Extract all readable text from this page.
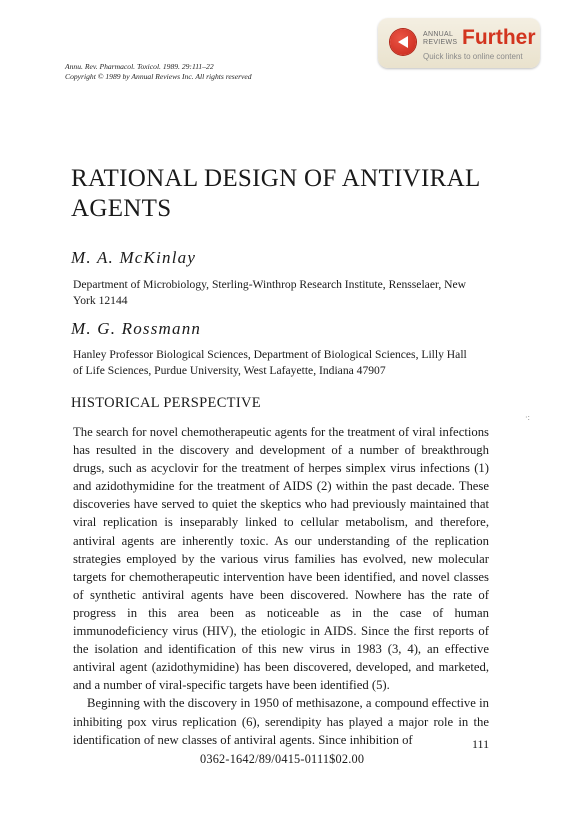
Annu. Rev. Pharmacol. Toxicol. 1989. 29:111–22
Copyright © 1989 by Annual Reviews Inc. All rights reserved
ANNUAL
REVIEWS Further
Quick links to online content
RATIONAL DESIGN OF ANTIVIRAL
AGENTS
M. A. McKinlay
Department of Microbiology, Sterling-Winthrop Research Institute, Rensselaer, New
York 12144
M. G. Rossmann
Hanley Professor Biological Sciences, Department of Biological Sciences, Lilly Hall
of Life Sciences, Purdue University, West Lafayette, Indiana 47907
HISTORICAL PERSPECTIVE
·:

The search for novel chemotherapeutic agents for the treatment of viral infections has resulted in the discovery and development of a number of breakthrough drugs, such as acyclovir for the treatment of herpes simplex virus infections (1) and azidothymidine for the treatment of AIDS (2) within the past decade. These discoveries have served to quiet the skeptics who had previously maintained that viral replication is inseparably linked to cellular metabolism, and therefore, antiviral agents are inherently toxic. As our understanding of the replication strategies employed by the various virus families has evolved, new molecular targets for chemotherapeutic intervention have been identified, and novel classes of synthetic antiviral agents have been discovered. Nowhere has the rate of progress in this area been as noticeable as in the case of human immunodeficiency virus (HIV), the etiologic in AIDS. Since the first reports of the isolation and identification of this new virus in 1983 (3, 4), an effective antiviral agent (azidothymidine) has been discovered, developed, and marketed, and a number of viral-specific targets have been identified (5).

Beginning with the discovery in 1950 of methisazone, a compound effective in inhibiting pox virus replication (6), serendipity has played a major role in the identification of new classes of antiviral agents. Since inhibition of	111
0362-1642/89/0415-0111$02.00
